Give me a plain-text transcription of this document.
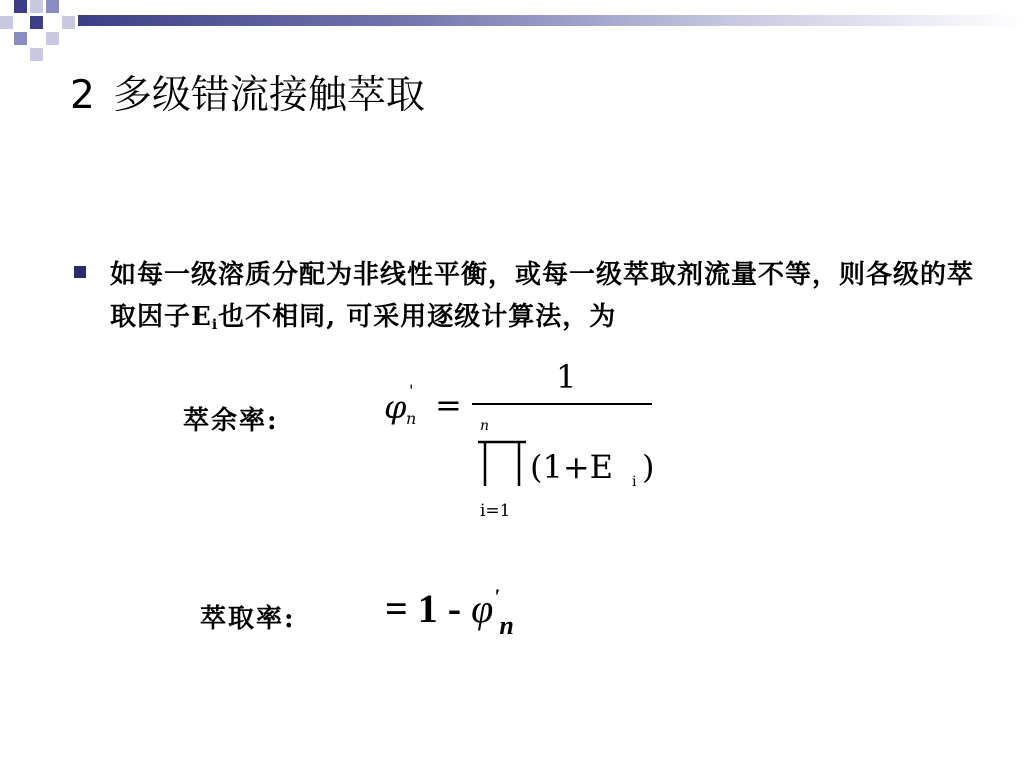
2 多级错流接触萃取
如每一级溶质分配为非线性平衡，或每一级萃取剂流量不等，则各级的萃取因子$E_i$也不相同, 可采用逐级计算法，为
萃余率:	φ '
n =
1
n
i=1
(1+E i )
萃取率: = $1 - \varphi'_n$
